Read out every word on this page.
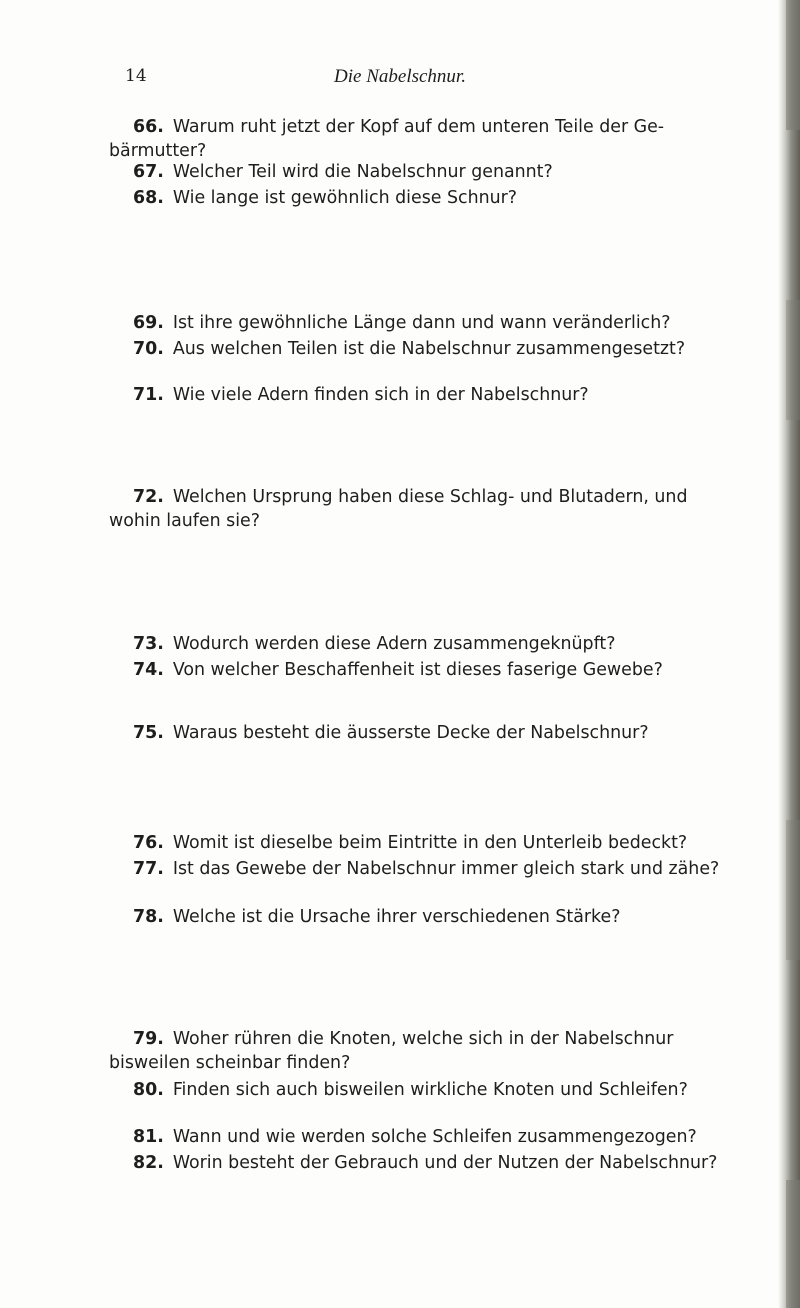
14	Die Nabelschnur.

66. Warum ruht jetzt der Kopf auf dem unteren Teile der Ge-
bärmutter?

67. Welcher Teil wird die Nabelschnur genannt?

68. Wie lange ist gewöhnlich diese Schnur?

69. Ist ihre gewöhnliche Länge dann und wann veränderlich?

70. Aus welchen Teilen ist die Nabelschnur zusammengesetzt?

71. Wie viele Adern finden sich in der Nabelschnur?

72. Welchen Ursprung haben diese Schlag- und Blutadern, und
wohin laufen sie?

73. Wodurch werden diese Adern zusammengeknüpft?

74. Von welcher Beschaffenheit ist dieses faserige Gewebe?

75. Waraus besteht die äusserste Decke der Nabelschnur?

76. Womit ist dieselbe beim Eintritte in den Unterleib bedeckt?

77. Ist das Gewebe der Nabelschnur immer gleich stark und zähe?

78. Welche ist die Ursache ihrer verschiedenen Stärke?

79. Woher rühren die Knoten, welche sich in der Nabelschnur
bisweilen scheinbar finden?

80. Finden sich auch bisweilen wirkliche Knoten und Schleifen?

81. Wann und wie werden solche Schleifen zusammengezogen?

82. Worin besteht der Gebrauch und der Nutzen der Nabelschnur?
